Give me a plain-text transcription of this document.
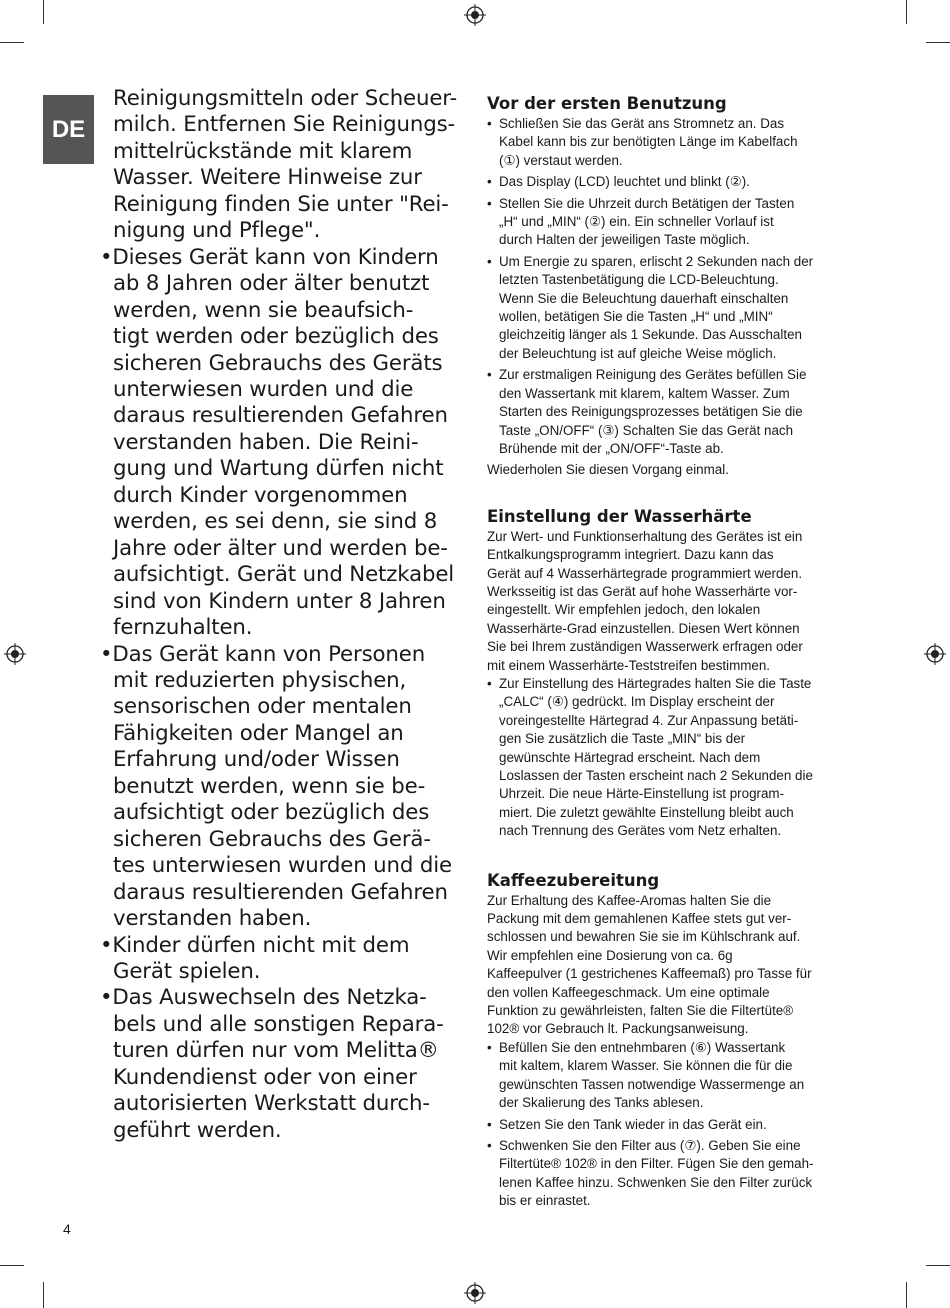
DE

Reinigungsmitteln oder Scheuer-

milch. Entfernen Sie Reinigungs-

mittelrückstände mit klarem

Wasser. Weitere Hinweise zur

Reinigung finden Sie unter "Rei-

nigung und Pflege".

•Dieses Gerät kann von Kindern

ab 8 Jahren oder älter benutzt

werden, wenn sie beaufsich-

tigt werden oder bezüglich des

sicheren Gebrauchs des Geräts

unterwiesen wurden und die

daraus resultierenden Gefahren

verstanden haben. Die Reini-

gung und Wartung dürfen nicht

durch Kinder vorgenommen

werden, es sei denn, sie sind 8

Jahre oder älter und werden be-

aufsichtigt. Gerät und Netzkabel

sind von Kindern unter 8 Jahren

fernzuhalten.

•Das Gerät kann von Personen

mit reduzierten physischen,

sensorischen oder mentalen

Fähigkeiten oder Mangel an

Erfahrung und/oder Wissen

benutzt werden, wenn sie be-

aufsichtigt oder bezüglich des

sicheren Gebrauchs des Gerä-

tes unterwiesen wurden und die

daraus resultierenden Gefahren

verstanden haben.

•Kinder dürfen nicht mit dem

Gerät spielen.

•Das Auswechseln des Netzka-

bels und alle sonstigen Repara-

turen dürfen nur vom Melitta®

Kundendienst oder von einer

autorisierten Werkstatt durch-

geführt werden.

Vor der ersten Benutzung
• Schließen Sie das Gerät ans Stromnetz an. Das

Kabel kann bis zur benötigten Länge im Kabelfach

(①) verstaut werden.

• Das Display (LCD) leuchtet und blinkt (②).

• Stellen Sie die Uhrzeit durch Betätigen der Tasten

„H“ und „MIN“ (②) ein. Ein schneller Vorlauf ist

durch Halten der jeweiligen Taste möglich.

• Um Energie zu sparen, erlischt 2 Sekunden nach der

letzten Tastenbetätigung die LCD-Beleuchtung.

Wenn Sie die Beleuchtung dauerhaft einschalten

wollen, betätigen Sie die Tasten „H“ und „MIN“

gleichzeitig länger als 1 Sekunde. Das Ausschalten

der Beleuchtung ist auf gleiche Weise möglich.

• Zur erstmaligen Reinigung des Gerätes befüllen Sie

den Wassertank mit klarem, kaltem Wasser. Zum

Starten des Reinigungsprozesses betätigen Sie die

Taste „ON/OFF“ (③) Schalten Sie das Gerät nach

Brühende mit der „ON/OFF“-Taste ab.

Wiederholen Sie diesen Vorgang einmal.

Einstellung der Wasserhärte

Zur Wert- und Funktionserhaltung des Gerätes ist ein

Entkalkungsprogramm integriert. Dazu kann das

Gerät auf 4 Wasserhärtegrade programmiert werden.

Werksseitig ist das Gerät auf hohe Wasserhärte vor-

eingestellt. Wir empfehlen jedoch, den lokalen

Wasserhärte-Grad einzustellen. Diesen Wert können

Sie bei Ihrem zuständigen Wasserwerk erfragen oder

mit einem Wasserhärte-Teststreifen bestimmen.

• Zur Einstellung des Härtegrades halten Sie die Taste

„CALC“ (④) gedrückt. Im Display erscheint der

voreingestellte Härtegrad 4. Zur Anpassung betäti-

gen Sie zusätzlich die Taste „MIN“ bis der

gewünschte Härtegrad erscheint. Nach dem

Loslassen der Tasten erscheint nach 2 Sekunden die

Uhrzeit. Die neue Härte-Einstellung ist program-

miert. Die zuletzt gewählte Einstellung bleibt auch

nach Trennung des Gerätes vom Netz erhalten.

Kaffeezubereitung

Zur Erhaltung des Kaffee-Aromas halten Sie die

Packung mit dem gemahlenen Kaffee stets gut ver-

schlossen und bewahren Sie sie im Kühlschrank auf.

Wir empfehlen eine Dosierung von ca. 6g

Kaffeepulver (1 gestrichenes Kaffeemaß) pro Tasse für

den vollen Kaffeegeschmack. Um eine optimale

Funktion zu gewährleisten, falten Sie die Filtertüte®

102® vor Gebrauch lt. Packungsanweisung.

• Befüllen Sie den entnehmbaren (⑥) Wassertank

mit kaltem, klarem Wasser. Sie können die für die

gewünschten Tassen notwendige Wassermenge an

der Skalierung des Tanks ablesen.

• Setzen Sie den Tank wieder in das Gerät ein.

• Schwenken Sie den Filter aus (⑦). Geben Sie eine

Filtertüte® 102® in den Filter. Fügen Sie den gemah-

lenen Kaffee hinzu. Schwenken Sie den Filter zurück

bis er einrastet.

4
